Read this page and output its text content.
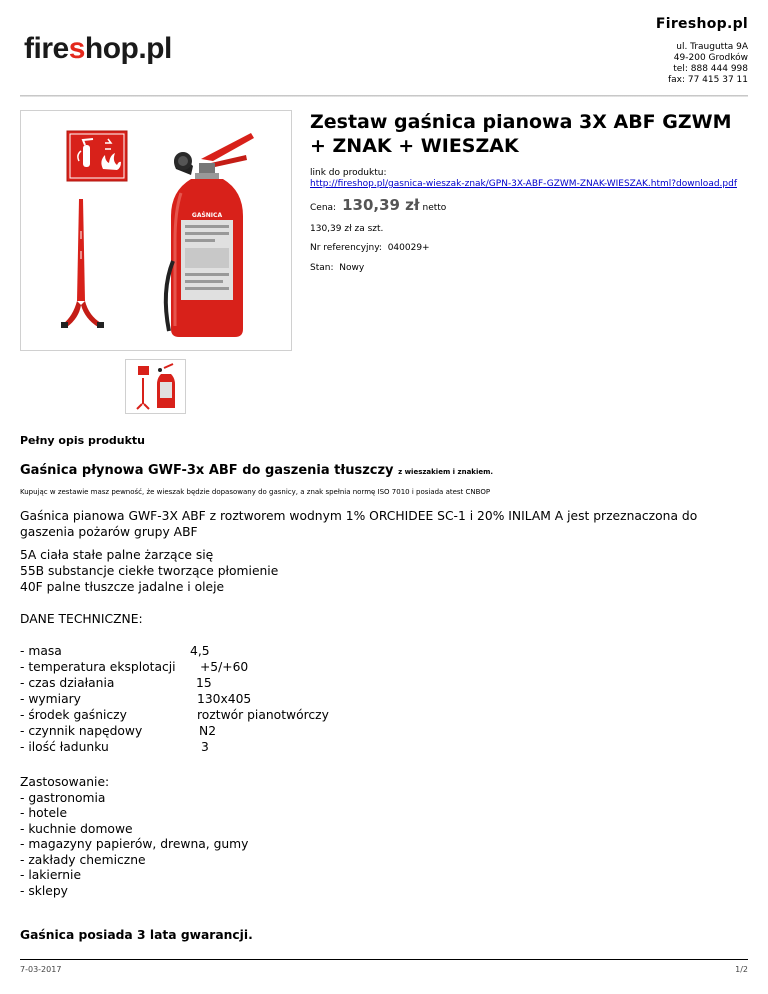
Fireshop.pl
fireshop.pl	ul. Traugutta 9A
49-200 Grodków
tel: 888 444 998
fax: 77 415 37 11
GAŚNICA
Zestaw gaśnica pianowa 3X ABF GZWM + ZNAK + WIESZAK
link do produktu:
http://fireshop.pl/gasnica-wieszak-znak/GPN-3X-ABF-GZWM-ZNAK-WIESZAK.html?download.pdf
Cena: 130,39 zł netto
130,39 zł za szt.
Nr referencyjny: 040029+
Stan: Nowy
Pełny opis produktu
Gaśnica płynowa GWF-3x ABF do gaszenia tłuszczy z wieszakiem i znakiem.
Kupując w zestawie masz pewność, że wieszak będzie dopasowany do gasnicy, a znak spełnia normę ISO 7010 i posiada atest CNBOP
Gaśnica pianowa GWF-3X ABF z roztworem wodnym 1% ORCHIDEE SC-1 i 20% INILAM A jest przeznaczona do gaszenia pożarów grupy ABF
5A ciała stałe palne żarzące się
55B substancje ciekłe tworzące płomienie
40F palne tłuszcze jadalne i oleje
DANE TECHNICZNE:
- masa	4,5
- temperatura eksplotacji +5/+60
- czas działania	15
- wymiary	130x405
- środek gaśniczy	roztwór pianotwórczy
- czynnik napędowy	N2
- ilość ładunku	3
Zastosowanie:
- gastronomia
- hotele
- kuchnie domowe
- magazyny papierów, drewna, gumy
- zakłady chemiczne
- lakiernie
- sklepy
Gaśnica posiada 3 lata gwarancji.
7-03-2017	1/2
